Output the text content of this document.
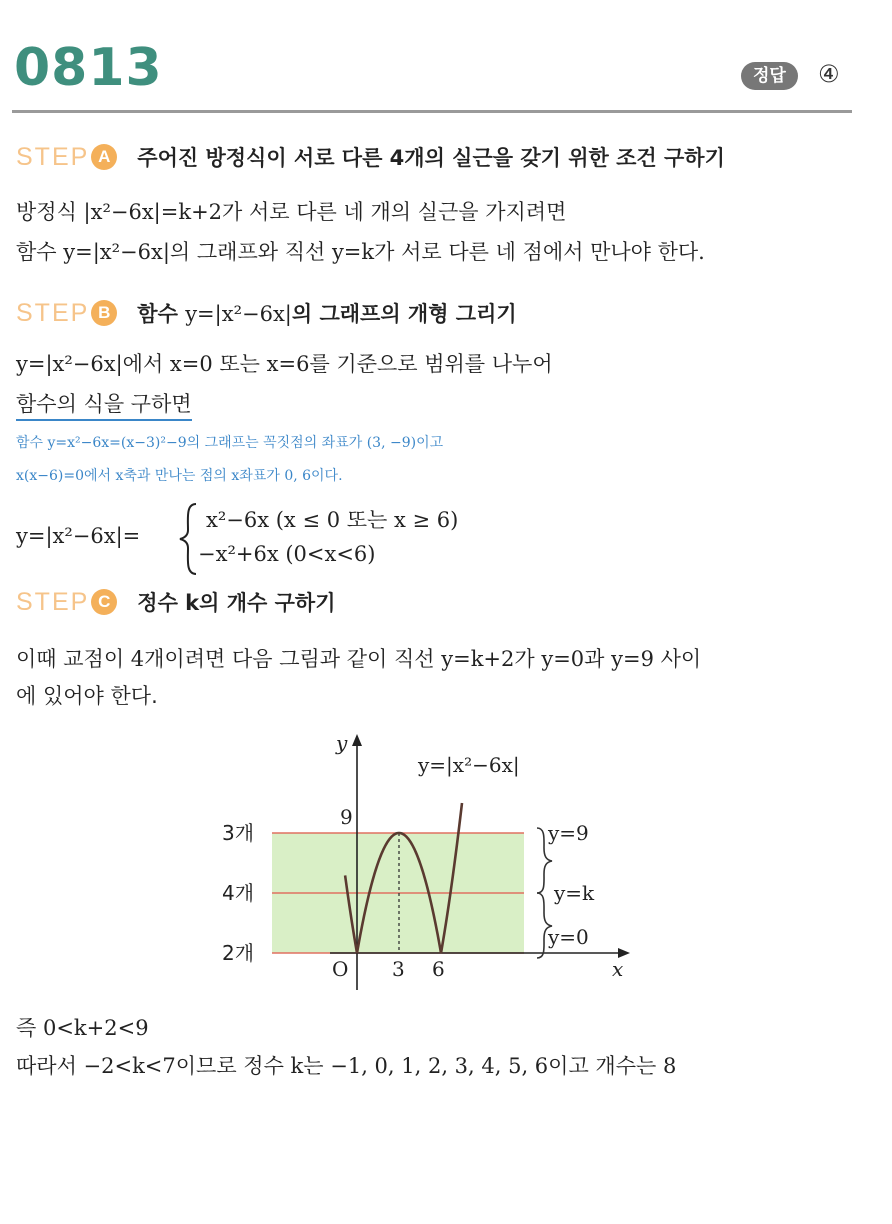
0813	정답	④
STEP A	주어진 방정식이 서로 다른 4개의 실근을 갖기 위한 조건 구하기
방정식 |x²−6x|=k+2가 서로 다른 네 개의 실근을 가지려면
함수 y=|x²−6x|의 그래프와 직선 y=k가 서로 다른 네 점에서 만나야 한다.
STEP B	함수 y=|x²−6x|의 그래프의 개형 그리기
y=|x²−6x|에서 x=0 또는 x=6를 기준으로 범위를 나누어
함수의 식을 구하면
함수 y=x²−6x=(x−3)²−9의 그래프는 꼭짓점의 좌표가 (3, −9)이고
x(x−6)=0에서 x축과 만나는 점의 x좌표가 0, 6이다.
y=|x²−6x|=
x²−6x (x ≤ 0 또는 x ≥ 6)
−x²+6x (0<x<6)
STEP C	정수 k의 개수 구하기
이때 교점이 4개이려면 다음 그림과 같이 직선 y=k+2가 y=0과 y=9 사이
에 있어야 한다.
y
y=|x²−6x|
9
O 3 6	x
3개
4개
2개
y=9
y=k
y=0
즉 0<k+2<9
따라서 −2<k<7이므로 정수 k는 −1, 0, 1, 2, 3, 4, 5, 6이고 개수는 8
